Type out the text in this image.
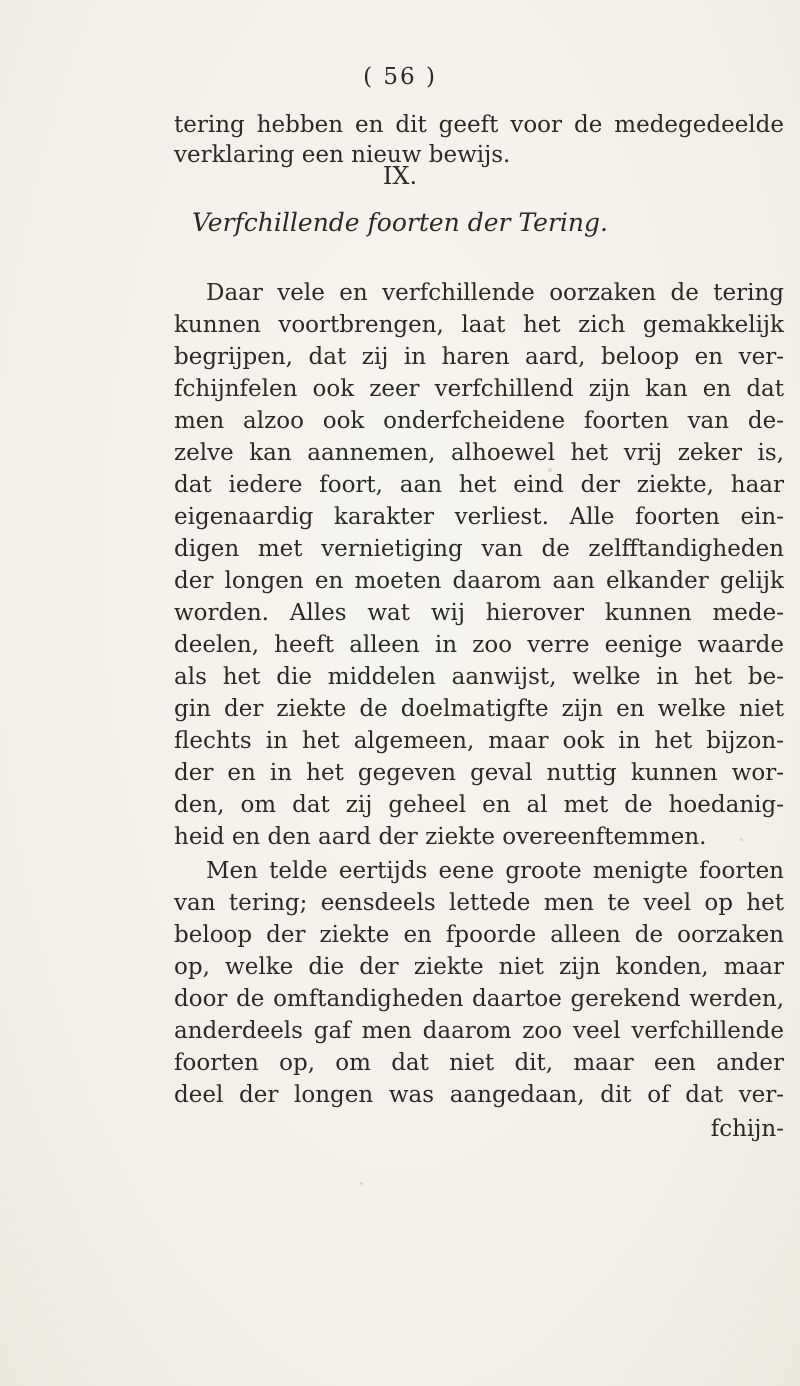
( 56 )
tering hebben en dit geeft voor de medegedeelde
verklaring een nieuw bewijs.
IX.
Verfchillende foorten der Tering.
Daar vele en verfchillende oorzaken de tering
kunnen voortbrengen, laat het zich gemakkelijk
begrijpen, dat zij in haren aard, beloop en ver-
fchijnfelen ook zeer verfchillend zijn kan en dat
men alzoo ook onderfcheidene foorten van de-
zelve kan aannemen, alhoewel het vrij zeker is,
dat iedere foort, aan het eind der ziekte, haar
eigenaardig karakter verliest. Alle foorten ein-
digen met vernietiging van de zelfftandigheden
der longen en moeten daarom aan elkander gelijk
worden. Alles wat wij hierover kunnen mede-
deelen, heeft alleen in zoo verre eenige waarde
als het die middelen aanwijst, welke in het be-
gin der ziekte de doelmatigfte zijn en welke niet
flechts in het algemeen, maar ook in het bijzon-
der en in het gegeven geval nuttig kunnen wor-
den, om dat zij geheel en al met de hoedanig-
heid en den aard der ziekte overeenftemmen.
Men telde eertijds eene groote menigte foorten
van tering; eensdeels lettede men te veel op het
beloop der ziekte en fpoorde alleen de oorzaken
op, welke die der ziekte niet zijn konden, maar
door de omftandigheden daartoe gerekend werden,
anderdeels gaf men daarom zoo veel verfchillende
foorten op, om dat niet dit, maar een ander
deel der longen was aangedaan, dit of dat ver-
fchijn-
